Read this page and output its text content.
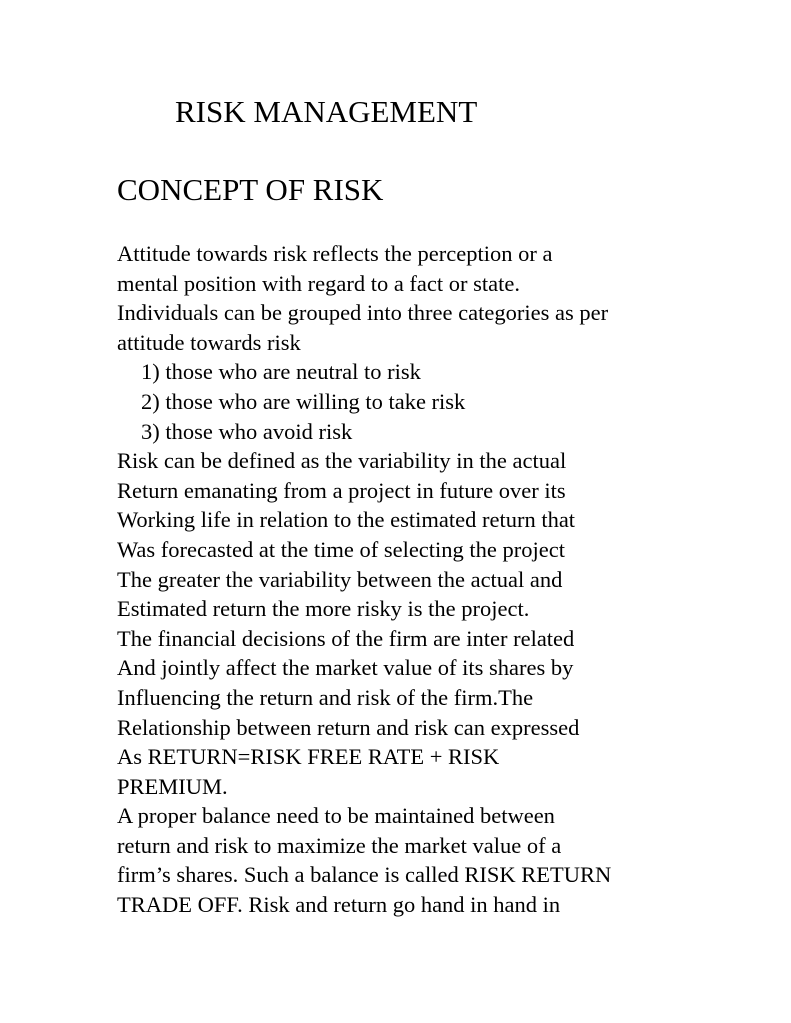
RISK MANAGEMENT
CONCEPT OF RISK
Attitude towards risk reflects the perception or a
mental position with regard to a fact or state.
Individuals can be grouped into three categories as per
attitude towards risk
1) those who are neutral to risk
2) those who are willing to take risk
3) those who avoid risk
Risk can be defined as the variability in the actual
Return emanating from a project in future over its
Working life in relation to the estimated return that
Was forecasted at the time of selecting the project
The greater the variability between the actual and
Estimated return the more risky is the project.
The financial decisions of the firm are inter related
And jointly affect the market value of its shares by
Influencing the return and risk of the firm.The
Relationship between return and risk can expressed
As RETURN=RISK FREE RATE + RISK
PREMIUM.
A proper balance need to be maintained between
return and risk to maximize the market value of a
firm’s shares. Such a balance is called RISK RETURN
TRADE OFF. Risk and return go hand in hand in
